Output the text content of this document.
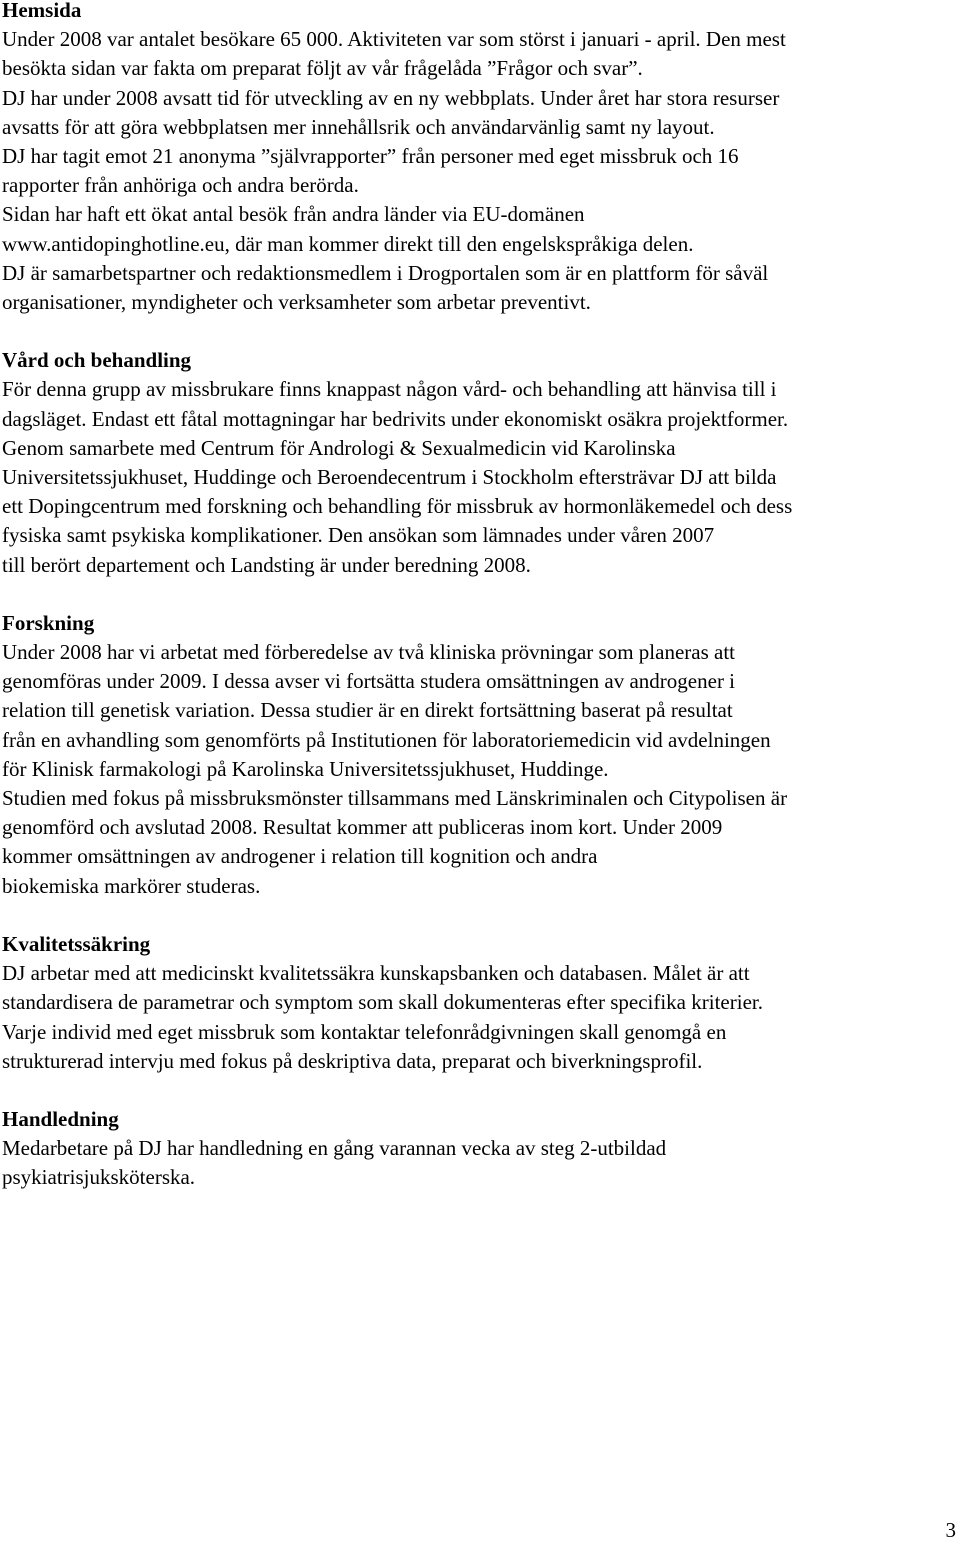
Hemsida
Under 2008 var antalet besökare 65 000. Aktiviteten var som störst i januari - april. Den mest
besökta sidan var fakta om preparat följt av vår frågelåda ”Frågor och svar”.
DJ har under 2008 avsatt tid för utveckling av en ny webbplats. Under året har stora resurser
avsatts för att göra webbplatsen mer innehållsrik och användarvänlig samt ny layout.
DJ har tagit emot 21 anonyma ”självrapporter” från personer med eget missbruk och 16
rapporter från anhöriga och andra berörda.
Sidan har haft ett ökat antal besök från andra länder via EU-domänen
www.antidopinghotline.eu, där man kommer direkt till den engelskspråkiga delen.
DJ är samarbetspartner och redaktionsmedlem i Drogportalen som är en plattform för såväl
organisationer, myndigheter och verksamheter som arbetar preventivt.
Vård och behandling
För denna grupp av missbrukare finns knappast någon vård- och behandling att hänvisa till i
dagsläget. Endast ett fåtal mottagningar har bedrivits under ekonomiskt osäkra projektformer.
Genom samarbete med Centrum för Andrologi & Sexualmedicin vid Karolinska
Universitetssjukhuset, Huddinge och Beroendecentrum i Stockholm eftersträvar DJ att bilda
ett Dopingcentrum med forskning och behandling för missbruk av hormonläkemedel och dess
fysiska samt psykiska komplikationer. Den ansökan som lämnades under våren 2007
till berört departement och Landsting är under beredning 2008.
Forskning
Under 2008 har vi arbetat med förberedelse av två kliniska prövningar som planeras att
genomföras under 2009. I dessa avser vi fortsätta studera omsättningen av androgener i
relation till genetisk variation. Dessa studier är en direkt fortsättning baserat på resultat
från en avhandling som genomförts på Institutionen för laboratoriemedicin vid avdelningen
för Klinisk farmakologi på Karolinska Universitetssjukhuset, Huddinge.
Studien med fokus på missbruksmönster tillsammans med Länskriminalen och Citypolisen är
genomförd och avslutad 2008. Resultat kommer att publiceras inom kort. Under 2009
kommer omsättningen av androgener i relation till kognition och andra
biokemiska markörer studeras.
Kvalitetssäkring
DJ arbetar med att medicinskt kvalitetssäkra kunskapsbanken och databasen. Målet är att
standardisera de parametrar och symptom som skall dokumenteras efter specifika kriterier.
Varje individ med eget missbruk som kontaktar telefonrådgivningen skall genomgå en
strukturerad intervju med fokus på deskriptiva data, preparat och biverkningsprofil.
Handledning
Medarbetare på DJ har handledning en gång varannan vecka av steg 2-utbildad
psykiatrisjuksköterska.
3
